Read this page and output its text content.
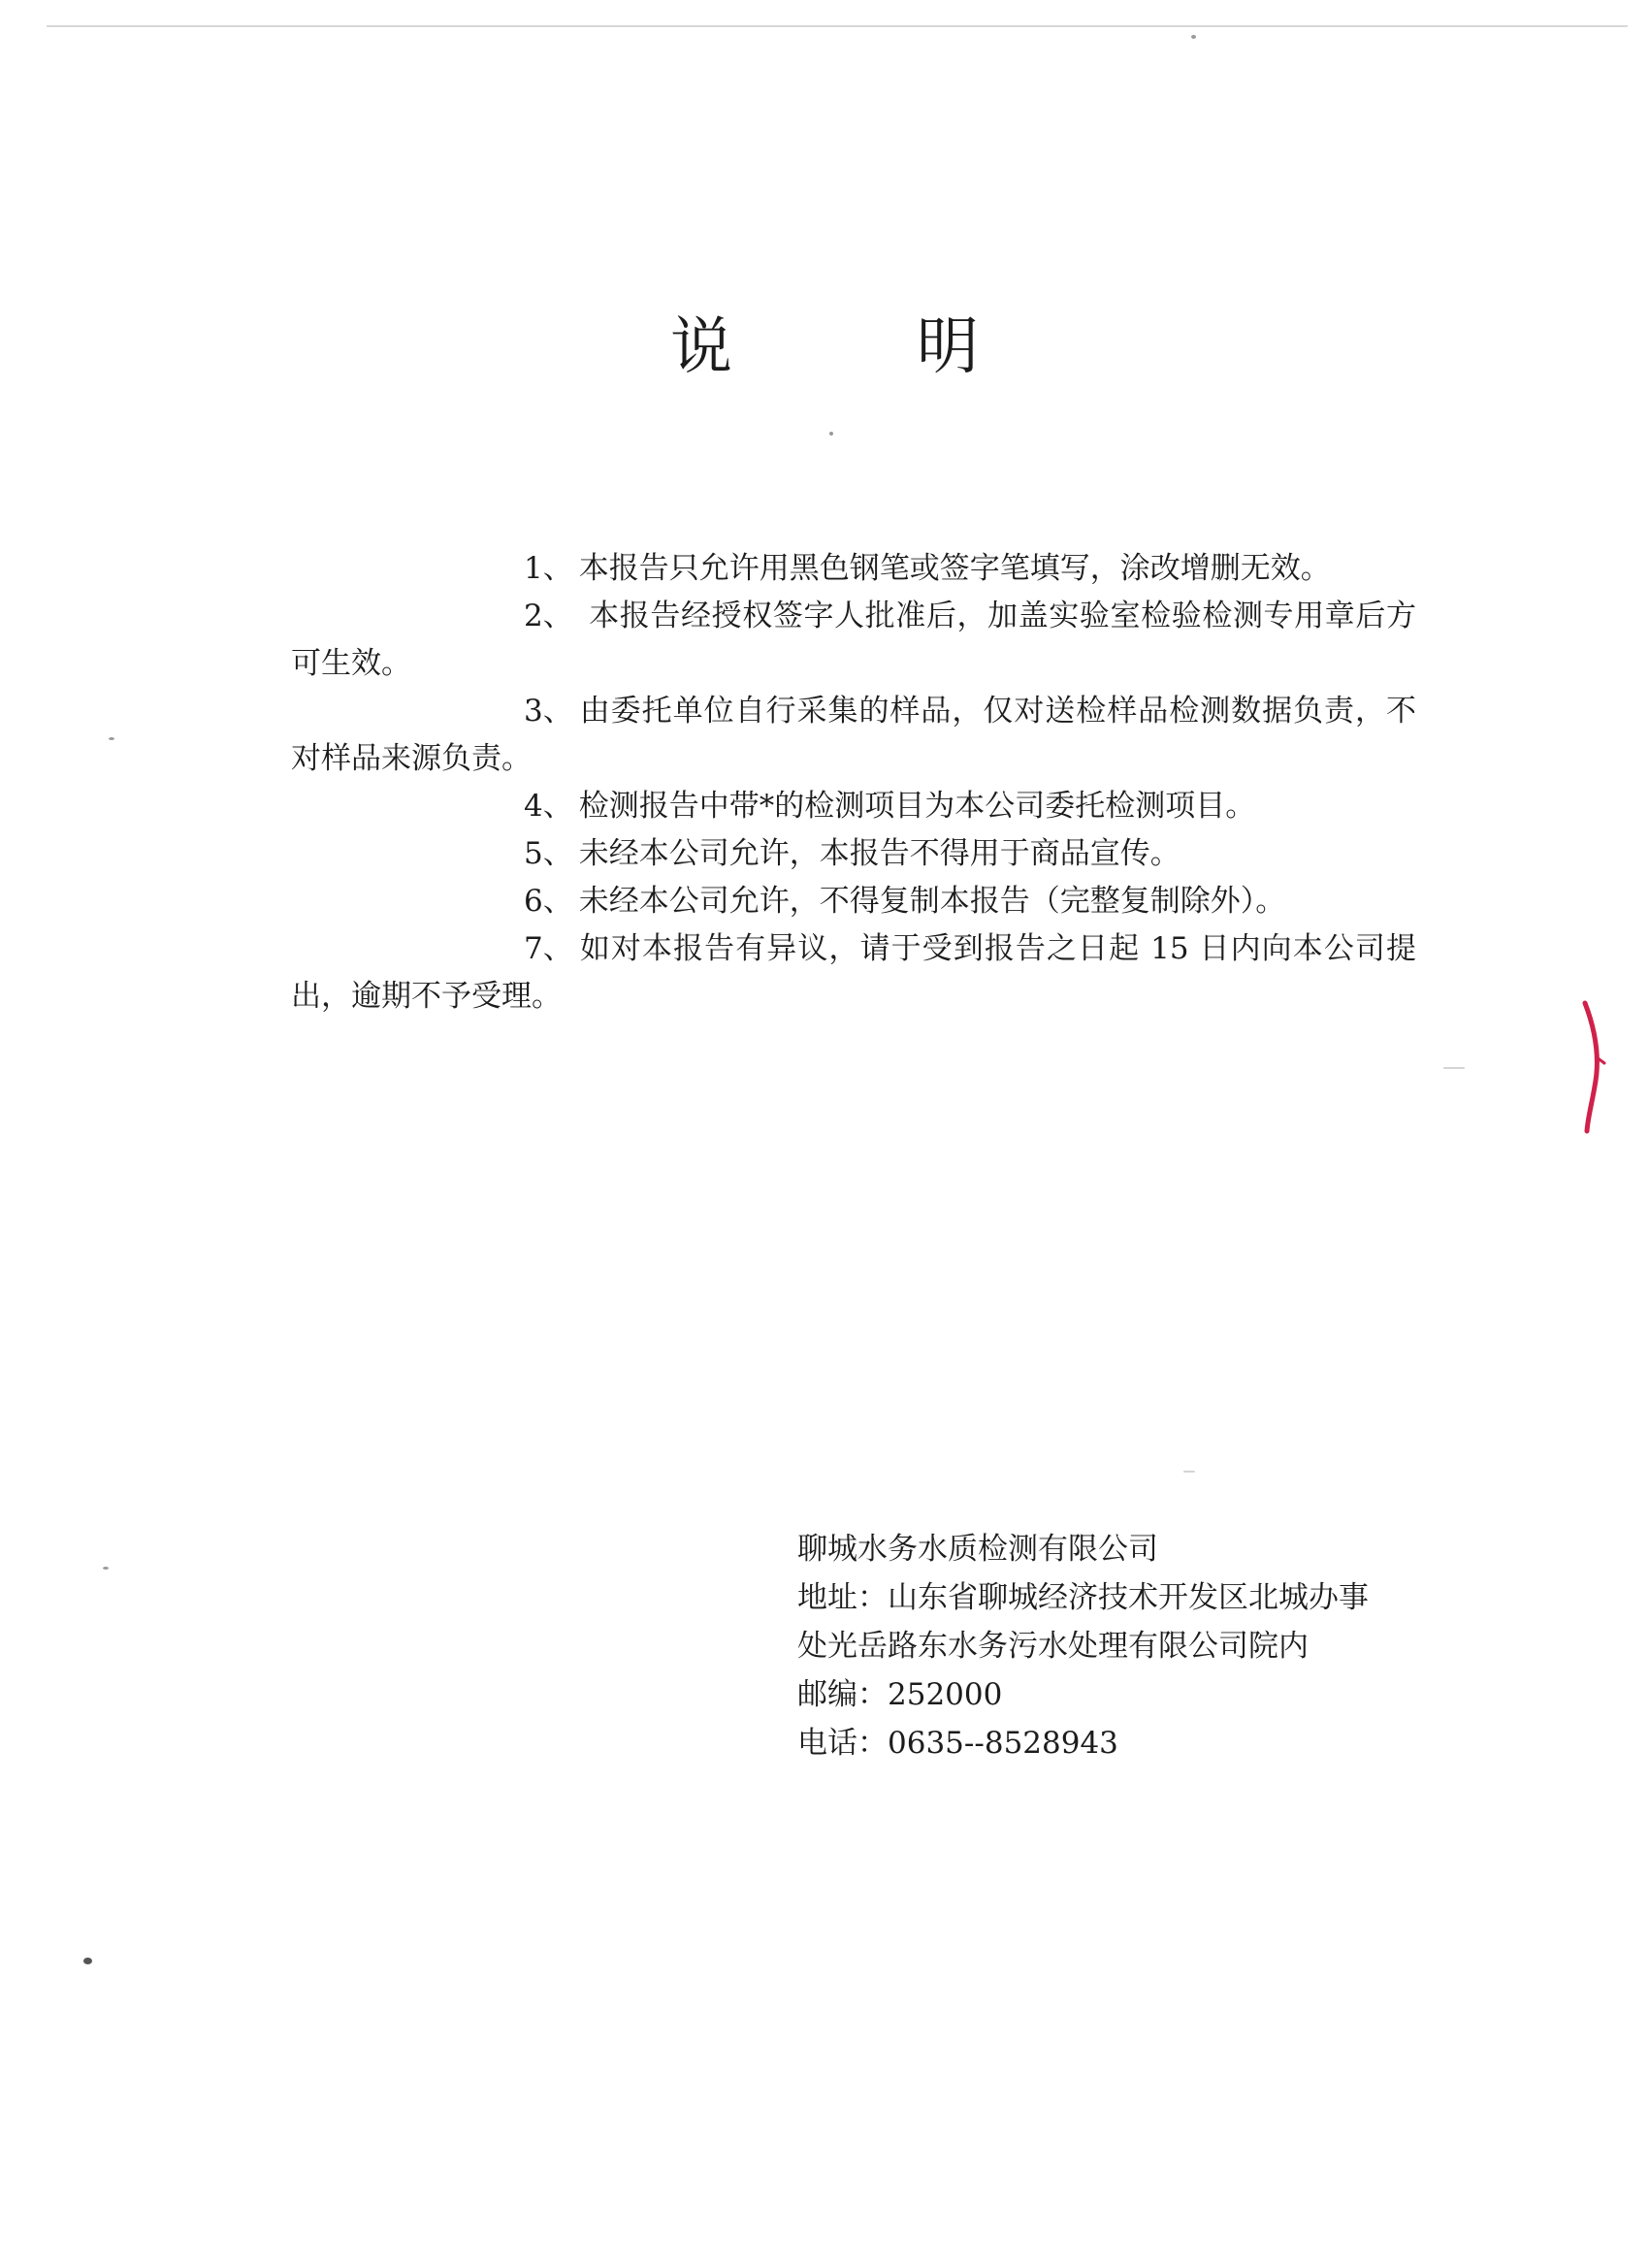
说	明

1、 本报告只允许用黑色钢笔或签字笔填写，涂改增删无效。

2、 本报告经授权签字人批准后，加盖实验室检验检测专用章后方可生效。

3、 由委托单位自行采集的样品，仅对送检样品检测数据负责，不对样品来源负责。

4、 检测报告中带*的检测项目为本公司委托检测项目。

5、 未经本公司允许，本报告不得用于商品宣传。

6、 未经本公司允许，不得复制本报告（完整复制除外）。

7、 如对本报告有异议，请于受到报告之日起 15 日内向本公司提出，逾期不予受理。

聊城水务水质检测有限公司
地址：山东省聊城经济技术开发区北城办事
处光岳路东水务污水处理有限公司院内
邮编：252000
电话：0635--8528943
